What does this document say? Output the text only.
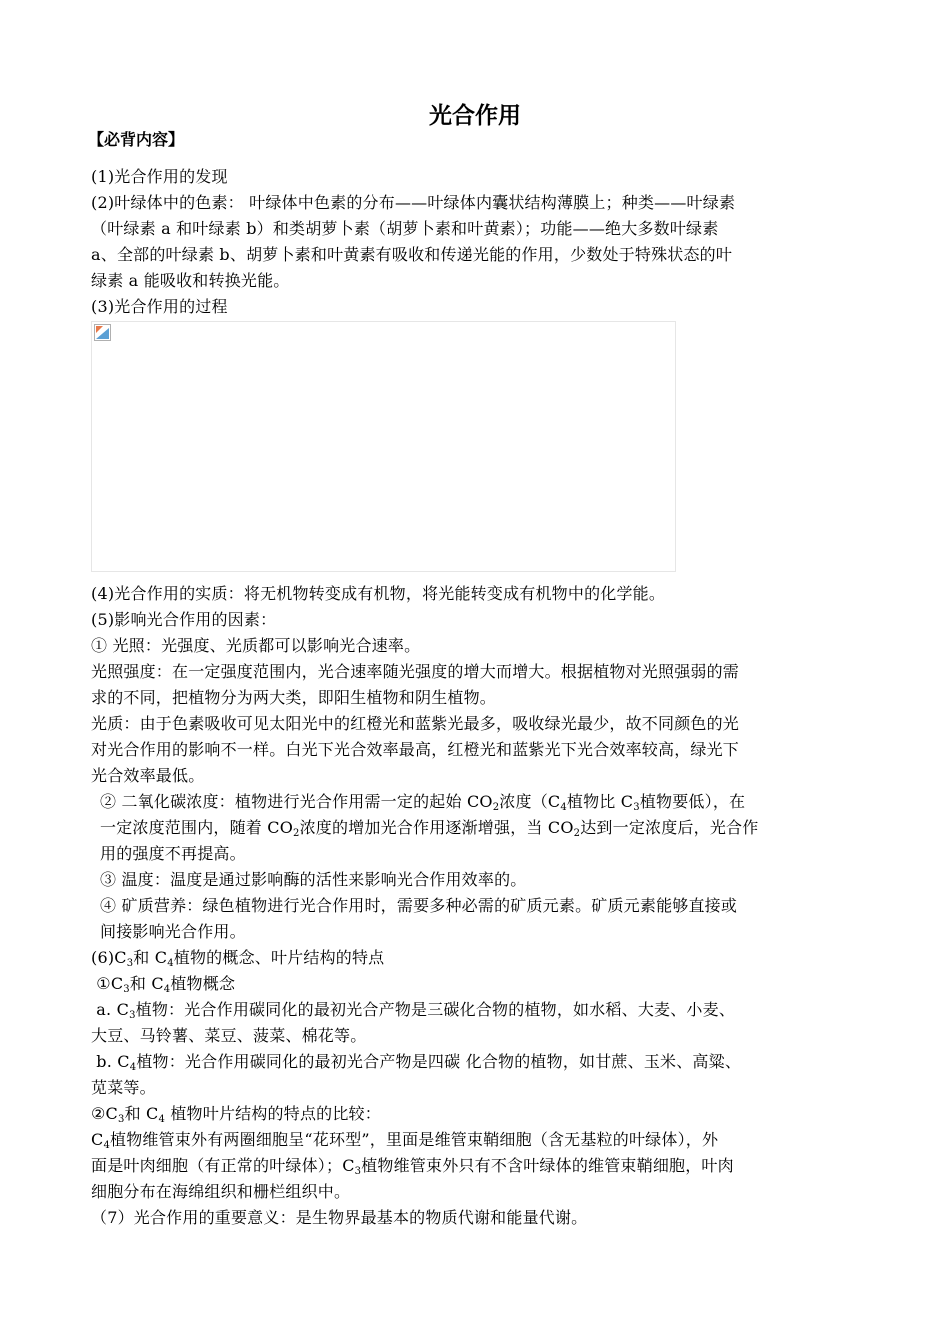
光合作用
【必背内容】
(1)光合作用的发现
(2)叶绿体中的色素： 叶绿体中色素的分布——叶绿体内囊状结构薄膜上；种类——叶绿素
（叶绿素 a 和叶绿素 b）和类胡萝卜素（胡萝卜素和叶黄素）；功能——绝大多数叶绿素
a、全部的叶绿素 b、胡萝卜素和叶黄素有吸收和传递光能的作用，少数处于特殊状态的叶
绿素 a 能吸收和转换光能。
(3)光合作用的过程
(4)光合作用的实质：将无机物转变成有机物，将光能转变成有机物中的化学能。
(5)影响光合作用的因素：
① 光照：光强度、光质都可以影响光合速率。
光照强度：在一定强度范围内，光合速率随光强度的增大而增大。根据植物对光照强弱的需
求的不同，把植物分为两大类，即阳生植物和阴生植物。
光质：由于色素吸收可见太阳光中的红橙光和蓝紫光最多，吸收绿光最少，故不同颜色的光
对光合作用的影响不一样。白光下光合效率最高，红橙光和蓝紫光下光合效率较高，绿光下
光合效率最低。
② 二氧化碳浓度：植物进行光合作用需一定的起始 $CO_2$浓度（$C_4$植物比 $C_3$植物要低），在
一定浓度范围内，随着 $CO_2$浓度的增加光合作用逐渐增强，当 $CO_2$达到一定浓度后，光合作
用的强度不再提高。
③ 温度：温度是通过影响酶的活性来影响光合作用效率的。
④ 矿质营养：绿色植物进行光合作用时，需要多种必需的矿质元素。矿质元素能够直接或
间接影响光合作用。
$(6)C_3$和 $C_4$植物的概念、叶片结构的特点
$①C_3$和 $C_4$植物概念
a. $C_3$植物：光合作用碳同化的最初光合产物是三碳化合物的植物，如水稻、大麦、小麦、
大豆、马铃薯、菜豆、菠菜、棉花等。
b. $C_4$植物：光合作用碳同化的最初光合产物是四碳 化合物的植物，如甘蔗、玉米、高粱、
苋菜等。
$②C_3$和 $C_4$ 植物叶片结构的特点的比较：
$C_4$植物维管束外有两圈细胞呈“花环型”，里面是维管束鞘细胞（含无基粒的叶绿体），外
面是叶肉细胞（有正常的叶绿体）；$C_3$植物维管束外只有不含叶绿体的维管束鞘细胞，叶肉
细胞分布在海绵组织和栅栏组织中。
（7）光合作用的重要意义：是生物界最基本的物质代谢和能量代谢。
